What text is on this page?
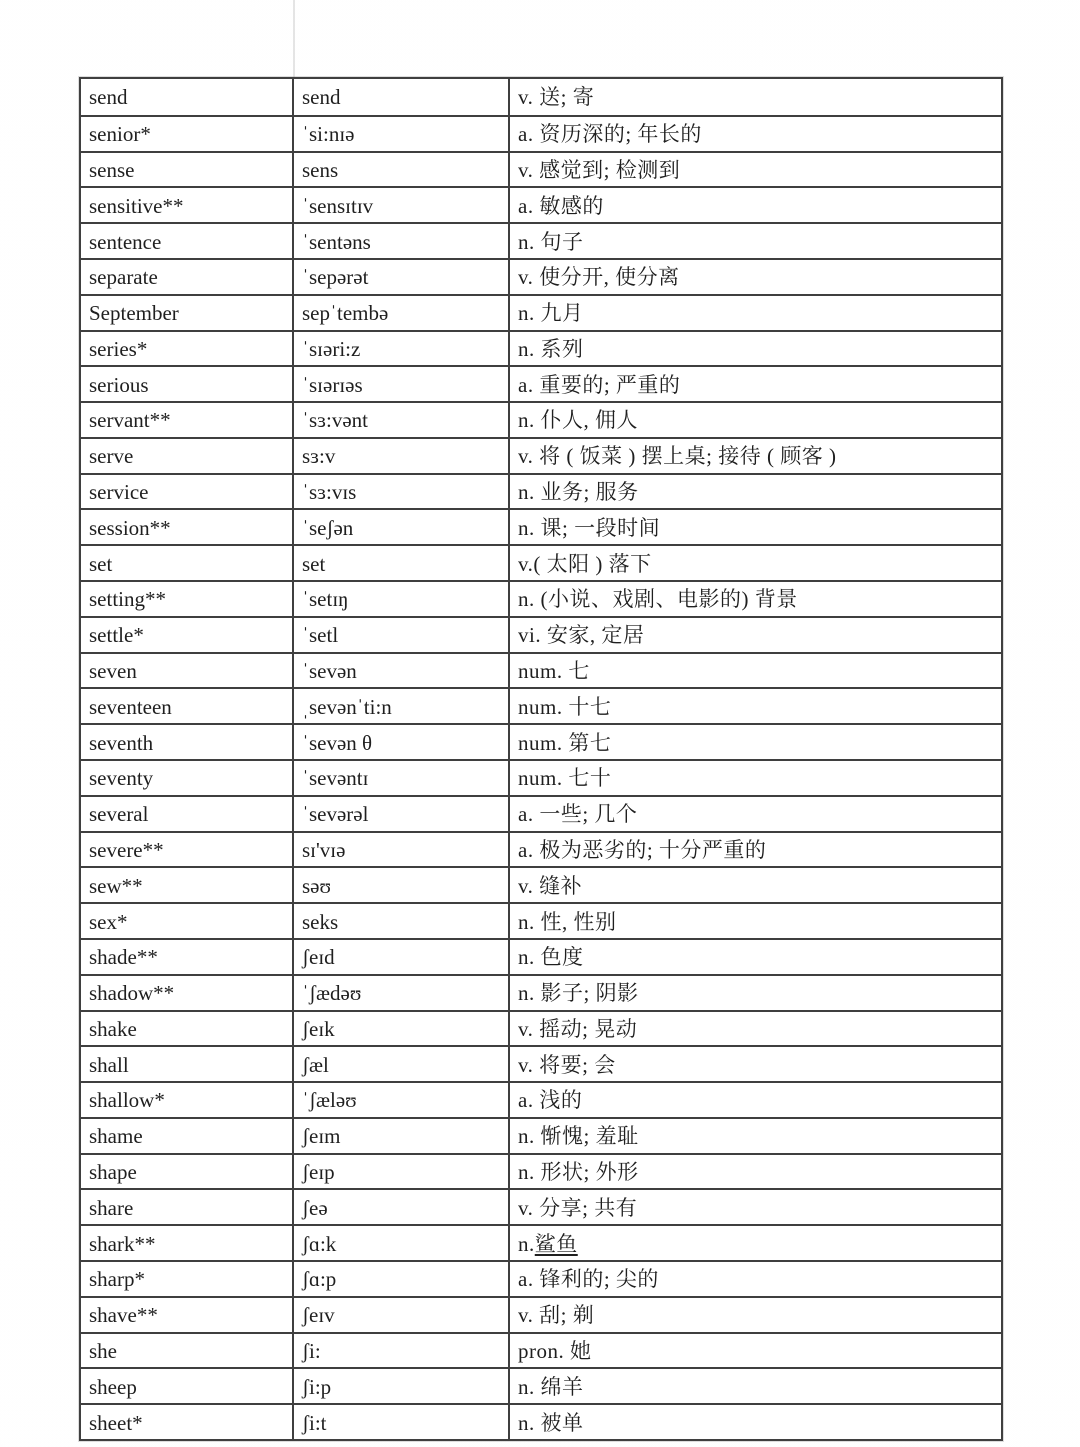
send	send	v. 送; 寄
senior*	ˈsi:nɪə	a. 资历深的; 年长的
sense	sens	v. 感觉到; 检测到
sensitive**	ˈsensɪtɪv	a. 敏感的
sentence	ˈsentəns	n. 句子
separate	ˈsepərət	v. 使分开, 使分离
September	sepˈtembə	n. 九月
series*	ˈsɪəri:z	n. 系列
serious	ˈsɪərɪəs	a. 重要的; 严重的
servant**	ˈsɜ:vənt	n. 仆人, 佣人
serve	sɜ:v	v. 将 ( 饭菜 ) 摆上桌; 接待 ( 顾客 )
service	ˈsɜ:vɪs	n. 业务; 服务
session**	ˈseʃən	n. 课; 一段时间
set	set	v.( 太阳 ) 落下
setting**	ˈsetɪŋ	n. (小说、戏剧、电影的) 背景
settle*	ˈsetl	vi. 安家, 定居
seven	ˈsevən	num. 七
seventeen	ˌsevənˈti:n	num. 十七
seventh	ˈsevən θ	num. 第七
seventy	ˈsevəntɪ	num. 七十
several	ˈsevərəl	a. 一些; 几个
severe**	sɪ'vɪə	a. 极为恶劣的; 十分严重的
sew**	səʊ	v. 缝补
sex*	seks	n. 性, 性别
shade**	ʃeɪd	n. 色度
shadow**	ˈʃædəʊ	n. 影子; 阴影
shake	ʃeɪk	v. 摇动; 晃动
shall	ʃæl	v. 将要; 会
shallow*	ˈʃæləʊ	a. 浅的
shame	ʃeɪm	n. 惭愧; 羞耻
shape	ʃeɪp	n. 形状; 外形
share	ʃeə	v. 分享; 共有
shark**	ʃɑ:k	n. 鲨鱼
sharp*	ʃɑ:p	a. 锋利的; 尖的
shave**	ʃeɪv	v. 刮; 剃
she	ʃi:	pron. 她
sheep	ʃi:p	n. 绵羊
sheet*	ʃi:t	n. 被单
